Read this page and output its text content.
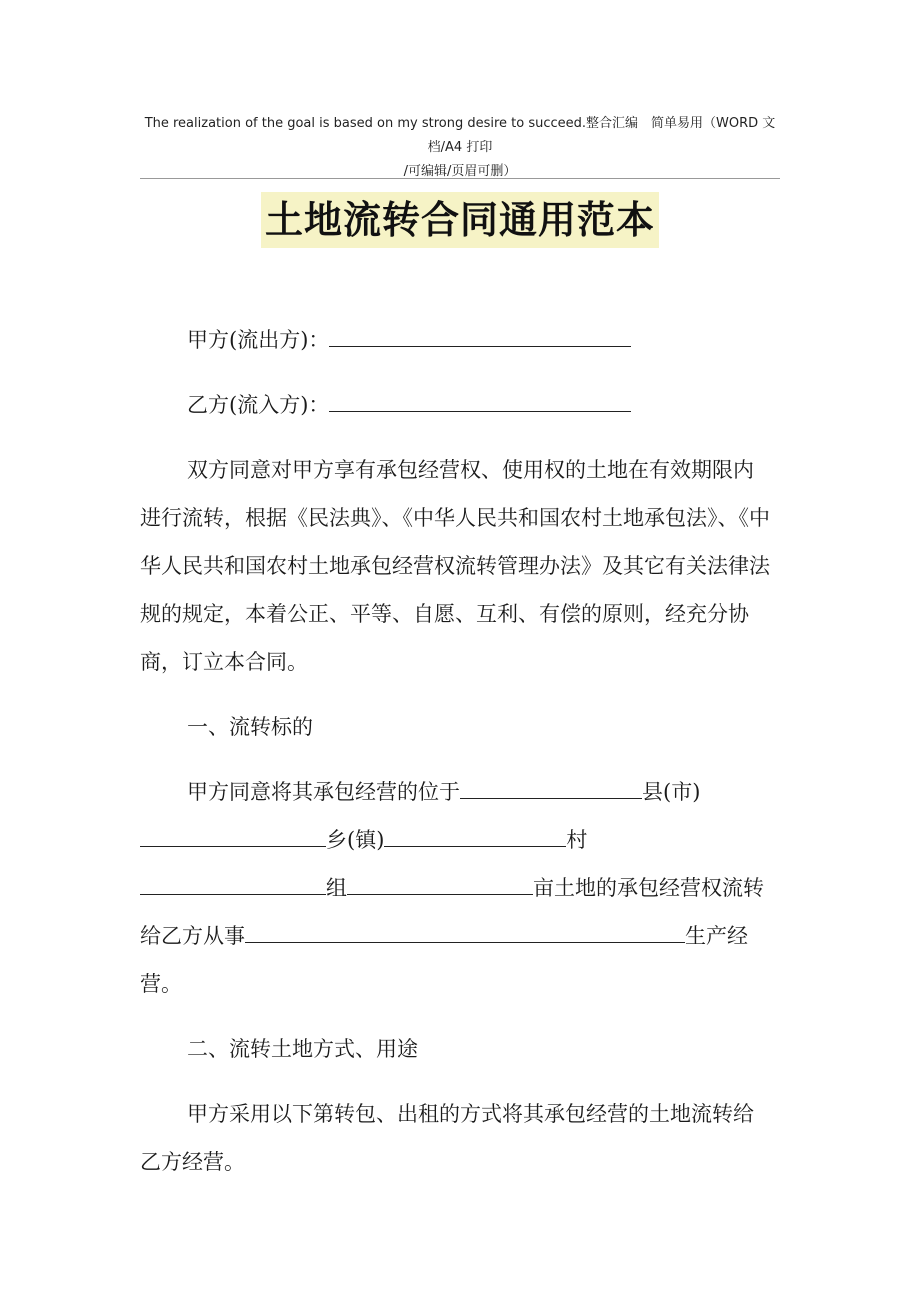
The realization of the goal is based on my strong desire to succeed.整合汇编　简单易用（WORD 文档/A4 打印
/可编辑/页眉可删）
土地流转合同通用范本

甲方(流出方)：

乙方(流入方)：

双方同意对甲方享有承包经营权、使用权的土地在有效期限内进行流转，根据《民法典》、《中华人民共和国农村土地承包法》、《中华人民共和国农村土地承包经营权流转管理办法》及其它有关法律法规的规定，本着公正、平等、自愿、互利、有偿的原则，经充分协商，订立本合同。

一、流转标的

甲方同意将其承包经营的位于	县(市)乡(镇)	村组	亩土地的承包经营权流转给乙方从事	生产经营。

二、流转土地方式、用途

甲方采用以下第转包、出租的方式将其承包经营的土地流转给乙方经营。
